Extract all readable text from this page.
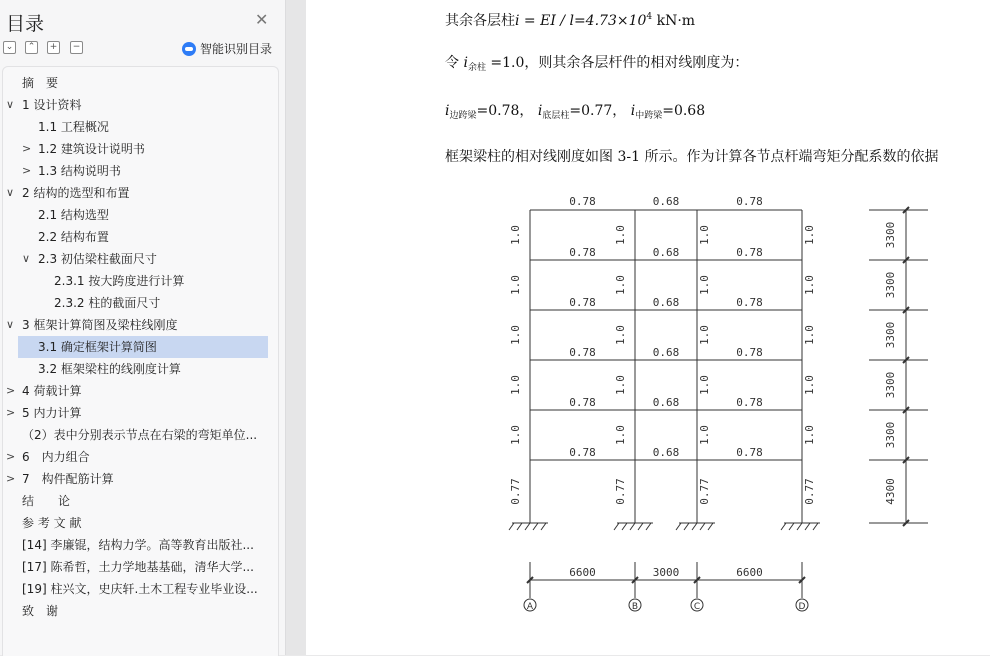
目录	✕
⌄	⌃	+	−	智能识别目录
摘　要
∨ 1 设计资料
1.1 工程概况
> 1.2 建筑设计说明书
> 1.3 结构说明书
∨ 2 结构的选型和布置
2.1 结构选型
2.2 结构布置
∨ 2.3 初估梁柱截面尺寸
2.3.1 按大跨度进行计算
2.3.2 柱的截面尺寸
∨ 3 框架计算简图及梁柱线刚度
3.1 确定框架计算简图
3.2 框架梁柱的线刚度计算
> 4 荷载计算
> 5 内力计算
（2）表中分别表示节点在右梁的弯矩单位...
> 6　内力组合
> 7　构件配筋计算
结　　论
参 考 文 献
[14] 李廉锟，结构力学。高等教育出版社...
[17] 陈希哲，土力学地基基础，清华大学...
[19] 柱兴文，史庆轩.土木工程专业毕业设...
致　谢
其余各层柱i = EI / $l=4.73\times 10^4$ kN·m
令 $i_{余柱} =1.0$，则其余各层杆件的相对线刚度为：
$i_{边跨梁}=0.78$， $i_{底层柱}=0.77$， $i_{中跨梁}=0.68$
框架梁柱的相对线刚度如图 3-1 所示。作为计算各节点杆端弯矩分配系数的依据
0.78	0.68	0.78
0.78	0.68	0.78
0.78	0.68	0.78
0.78	0.68	0.78
0.78	0.68	0.78
0.78	0.68	0.78
1.0	1.0	1.0	1.0
1.0	1.0	1.0	1.0
1.0	1.0	1.0	1.0
1.0	1.0	1.0	1.0
1.0	1.0	1.0	1.0
0.77	0.77	0.77	0.77
3300
3300
3300
3300
3300
4300
6600	3000	6600
A	B	C	D
